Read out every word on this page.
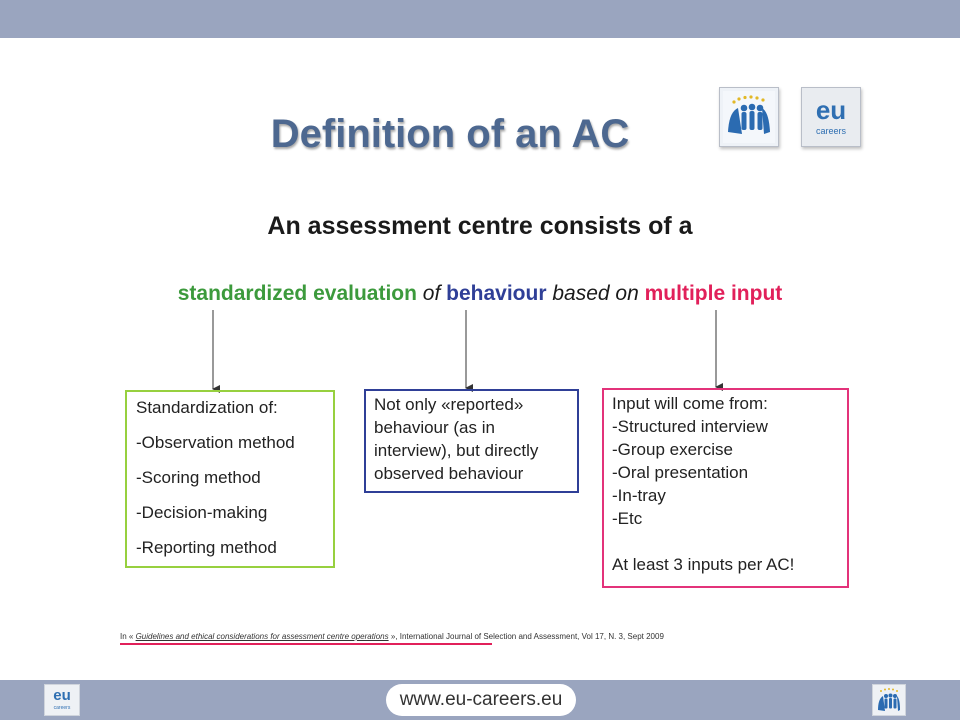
Definition of an AC
eu
careers
An assessment centre consists of a
standardized evaluation of behaviour based on multiple input
Standardization of:
-Observation method
-Scoring method
-Decision-making
-Reporting method
Not only «reported»
behaviour (as in
interview), but directly
observed behaviour
Input will come from:
-Structured interview
-Group exercise
-Oral presentation
-In-tray
-Etc
At least 3 inputs per AC!
In « Guidelines and ethical considerations for assessment centre operations », International Journal of Selection and Assessment, Vol 17, N. 3, Sept 2009
eu
careers	www.eu-careers.eu
